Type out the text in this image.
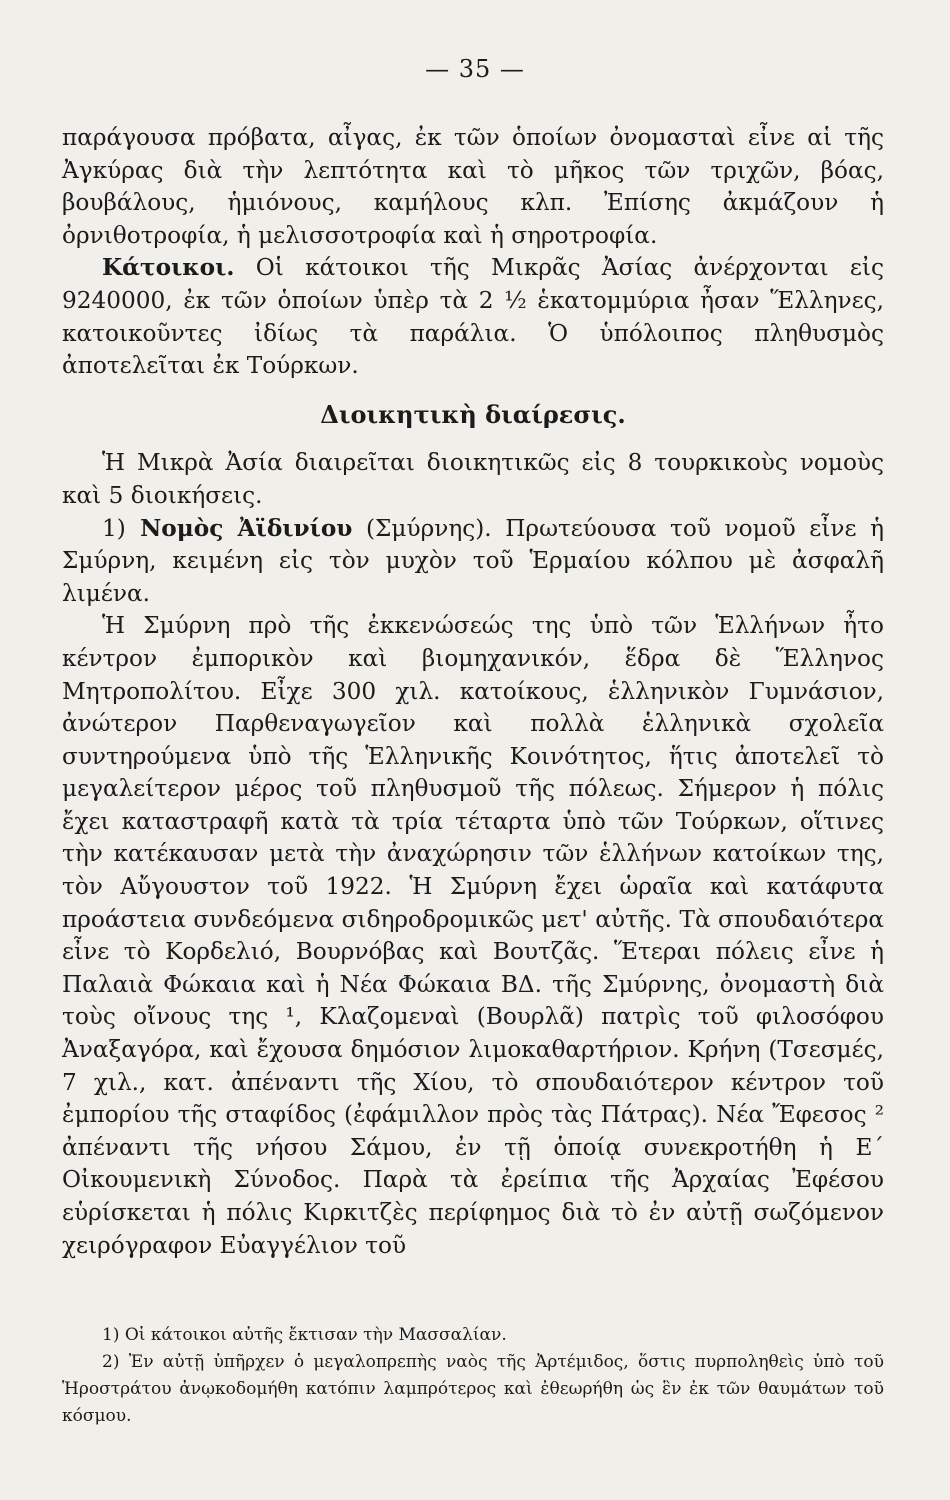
— 35 —

παράγουσα πρόβατα, αἶγας, ἐκ τῶν ὁποίων ὀνομασταὶ εἶνε αἱ τῆς Ἀγκύρας διὰ τὴν λεπτότητα καὶ τὸ μῆκος τῶν τριχῶν, βόας, βουβάλους, ἡμιόνους, καμήλους κλπ. Ἐπίσης ἀκμάζουν ἡ ὀρνιθοτροφία, ἡ μελισσοτροφία καὶ ἡ σηροτροφία.

Κάτοικοι. Οἱ κάτοικοι τῆς Μικρᾶς Ἀσίας ἀνέρχονται εἰς 9240000, ἐκ τῶν ὁποίων ὑπὲρ τὰ 2 ½ ἑκατομμύρια ἦσαν Ἕλληνες, κατοικοῦντες ἰδίως τὰ παράλια. Ὁ ὑπόλοιπος πληθυσμὸς ἀποτελεῖται ἐκ Τούρκων.

Διοικητικὴ διαίρεσις.

Ἡ Μικρὰ Ἀσία διαιρεῖται διοικητικῶς εἰς 8 τουρκικοὺς νομοὺς καὶ 5 διοικήσεις.

1) Νομὸς Ἀϊδινίου (Σμύρνης). Πρωτεύουσα τοῦ νομοῦ εἶνε ἡ Σμύρνη, κειμένη εἰς τὸν μυχὸν τοῦ Ἑρμαίου κόλπου μὲ ἀσφαλῆ λιμένα.

Ἡ Σμύρνη πρὸ τῆς ἐκκενώσεώς της ὑπὸ τῶν Ἑλλήνων ἦτο κέντρον ἐμπορικὸν καὶ βιομηχανικόν, ἕδρα δὲ Ἕλληνος Μητροπολίτου. Εἶχε 300 χιλ. κατοίκους, ἑλληνικὸν Γυμνάσιον, ἀνώτερον Παρθεναγωγεῖον καὶ πολλὰ ἑλληνικὰ σχολεῖα συντηρούμενα ὑπὸ τῆς Ἑλληνικῆς Κοινότητος, ἥτις ἀποτελεῖ τὸ μεγαλείτερον μέρος τοῦ πληθυσμοῦ τῆς πόλεως. Σήμερον ἡ πόλις ἔχει καταστραφῆ κατὰ τὰ τρία τέταρτα ὑπὸ τῶν Τούρκων, οἵτινες τὴν κατέκαυσαν μετὰ τὴν ἀναχώρησιν τῶν ἑλλήνων κατοίκων της, τὸν Αὔγουστον τοῦ 1922. Ἡ Σμύρνη ἔχει ὡραῖα καὶ κατάφυτα προάστεια συνδεόμενα σιδηροδρομικῶς μετ' αὐτῆς. Τὰ σπουδαιότερα εἶνε τὸ Κορδελιό, Βουρνόβας καὶ Βουτζᾶς. Ἕτεραι πόλεις εἶνε ἡ Παλαιὰ Φώκαια καὶ ἡ Νέα Φώκαια ΒΔ. τῆς Σμύρνης, ὀνομαστὴ διὰ τοὺς οἴνους της ¹, Κλαζομεναὶ (Βουρλᾶ) πατρὶς τοῦ φιλοσόφου Ἀναξαγόρα, καὶ ἔχουσα δημόσιον λιμοκαθαρτήριον. Κρήνη (Τσεσμές, 7 χιλ., κατ. ἀπέναντι τῆς Χίου, τὸ σπουδαιότερον κέντρον τοῦ ἐμπορίου τῆς σταφίδος (ἐφάμιλλον πρὸς τὰς Πάτρας). Νέα Ἔφεσος ² ἀπέναντι τῆς νήσου Σάμου, ἐν τῇ ὁποίᾳ συνεκροτήθη ἡ Ε΄ Οἰκουμενικὴ Σύνοδος. Παρὰ τὰ ἐρείπια τῆς Ἀρχαίας Ἐφέσου εὑρίσκεται ἡ πόλις Κιρκιτζὲς περίφημος διὰ τὸ ἐν αὐτῇ σωζόμενον χειρόγραφον Εὐαγγέλιον τοῦ

1) Οἱ κάτοικοι αὐτῆς ἔκτισαν τὴν Μασσαλίαν.

2) Ἐν αὐτῇ ὑπῆρχεν ὁ μεγαλοπρεπὴς ναὸς τῆς Ἀρτέμιδος, ὅστις πυρποληθεὶς ὑπὸ τοῦ Ἡροστράτου ἀνῳκοδομήθη κατόπιν λαμπρότερος καὶ ἐθεωρήθη ὡς ἓν ἐκ τῶν θαυμάτων τοῦ κόσμου.
